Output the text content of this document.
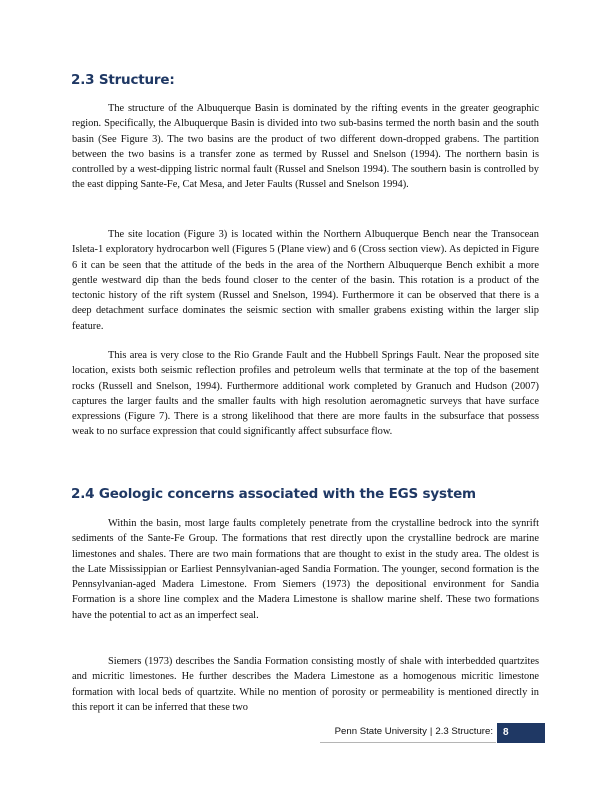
2.3 Structure:

The structure of the Albuquerque Basin is dominated by the rifting events in the greater geographic region. Specifically, the Albuquerque Basin is divided into two sub-basins termed the north basin and the south basin (See Figure 3). The two basins are the product of two different down-dropped grabens. The partition between the two basins is a transfer zone as termed by Russel and Snelson (1994). The northern basin is controlled by a west-dipping listric normal fault (Russel and Snelson 1994). The southern basin is controlled by the east dipping Sante-Fe, Cat Mesa, and Jeter Faults (Russel and Snelson 1994).

The site location (Figure 3) is located within the Northern Albuquerque Bench near the Transocean Isleta-1 exploratory hydrocarbon well (Figures 5 (Plane view) and 6 (Cross section view). As depicted in Figure 6 it can be seen that the attitude of the beds in the area of the Northern Albuquerque Bench exhibit a more gentle westward dip than the beds found closer to the center of the basin. This rotation is a product of the tectonic history of the rift system (Russel and Snelson, 1994). Furthermore it can be observed that there is a deep detachment surface dominates the seismic section with smaller grabens existing within the larger slip feature.

This area is very close to the Rio Grande Fault and the Hubbell Springs Fault. Near the proposed site location, exists both seismic reflection profiles and petroleum wells that terminate at the top of the basement rocks (Russell and Snelson, 1994). Furthermore additional work completed by Granuch and Hudson (2007) captures the larger faults and the smaller faults with high resolution aeromagnetic surveys that have surface expressions (Figure 7). There is a strong likelihood that there are more faults in the subsurface that possess weak to no surface expression that could significantly affect subsurface flow.

2.4 Geologic concerns associated with the EGS system

Within the basin, most large faults completely penetrate from the crystalline bedrock into the synrift sediments of the Sante-Fe Group. The formations that rest directly upon the crystalline bedrock are marine limestones and shales. There are two main formations that are thought to exist in the study area. The oldest is the Late Mississippian or Earliest Pennsylvanian-aged Sandia Formation. The younger, second formation is the Pennsylvanian-aged Madera Limestone. From Siemers (1973) the depositional environment for Sandia Formation is a shore line complex and the Madera Limestone is shallow marine shelf. These two formations have the potential to act as an imperfect seal.

Siemers (1973) describes the Sandia Formation consisting mostly of shale with interbedded quartzites and micritic limestones. He further describes the Madera Limestone as a homogenous micritic limestone formation with local beds of quartzite. While no mention of porosity or permeability is mentioned directly in this report it can be inferred that these two

Penn State University | 2.3 Structure:	8
